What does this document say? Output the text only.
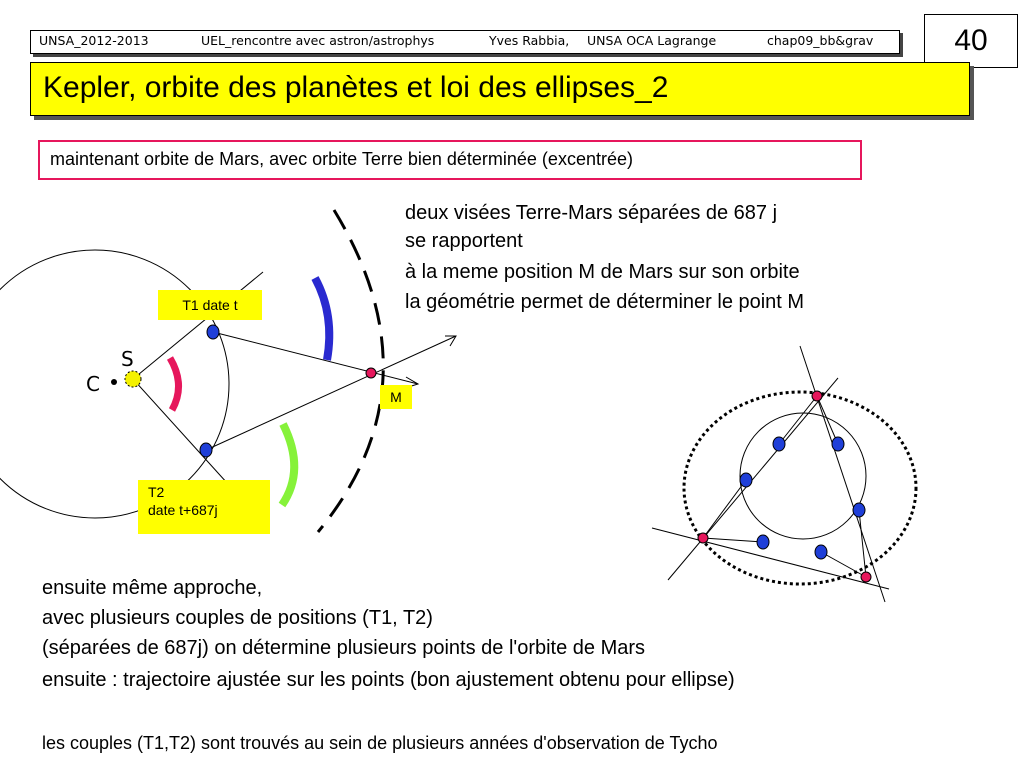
UNSA_2012-2013	UEL_rencontre avec astron/astrophys	Yves Rabbia, UNSA OCA Lagrange	chap09_bb&grav	40
Kepler, orbite des planètes et loi des ellipses_2
maintenant orbite de Mars, avec orbite Terre bien déterminée (excentrée)
S
C
T1 date t
M
T2
date t+687j
deux visées Terre-Mars séparées de 687 j
se rapportent
à la meme position M de Mars sur son orbite
la géométrie permet de déterminer le point M
ensuite même approche,
avec plusieurs couples de positions (T1, T2)
(séparées de 687j) on détermine plusieurs points de l'orbite de Mars
ensuite : trajectoire ajustée sur les points (bon ajustement obtenu pour ellipse)
les couples (T1,T2) sont trouvés au sein de plusieurs années d'observation de Tycho
